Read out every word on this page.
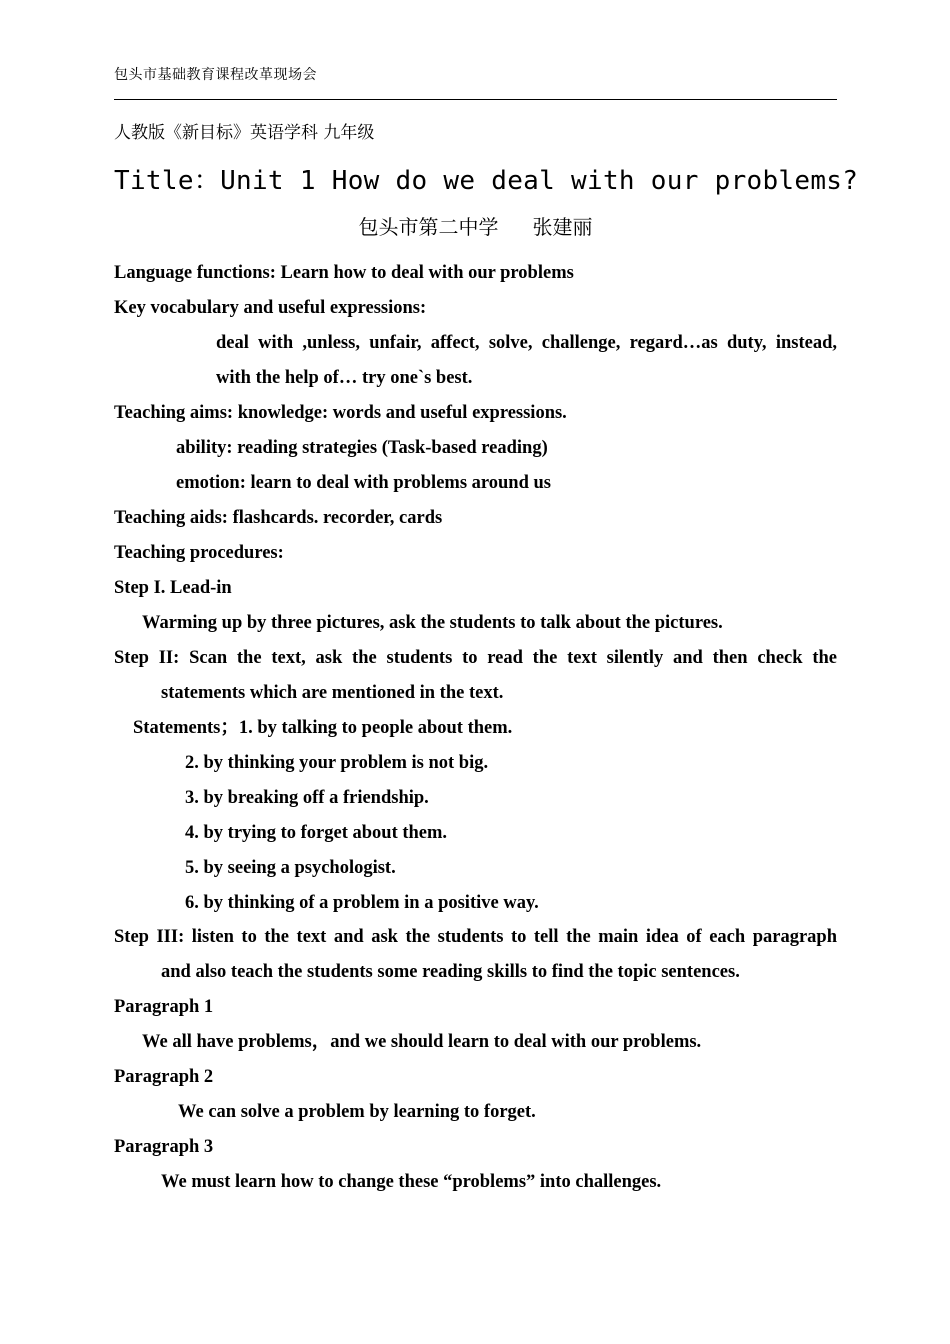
包头市基础教育课程改革现场会
人教版《新目标》英语学科 九年级
Title：Unit 1 How do we deal with our problems?
包头市第二中学 张建丽
Language functions: Learn how to deal with our problems
Key vocabulary and useful expressions:
deal with ,unless, unfair, affect, solve, challenge, regard…as duty, instead,
with the help of… try one`s best.
Teaching aims: knowledge: words and useful expressions.
ability: reading strategies (Task-based reading)
emotion: learn to deal with problems around us
Teaching aids: flashcards. recorder, cards
Teaching procedures:
Step I. Lead-in
Warming up by three pictures, ask the students to talk about the pictures.
Step II: Scan the text, ask the students to read the text silently and then check the
statements which are mentioned in the text.
Statements；1. by talking to people about them.
2. by thinking your problem is not big.
3. by breaking off a friendship.
4. by trying to forget about them.
5. by seeing a psychologist.
6. by thinking of a problem in a positive way.
Step III: listen to the text and ask the students to tell the main idea of each paragraph
and also teach the students some reading skills to find the topic sentences.
Paragraph 1
We all have problems，and we should learn to deal with our problems.
Paragraph 2
We can solve a problem by learning to forget.
Paragraph 3
We must learn how to change these “problems” into challenges.
